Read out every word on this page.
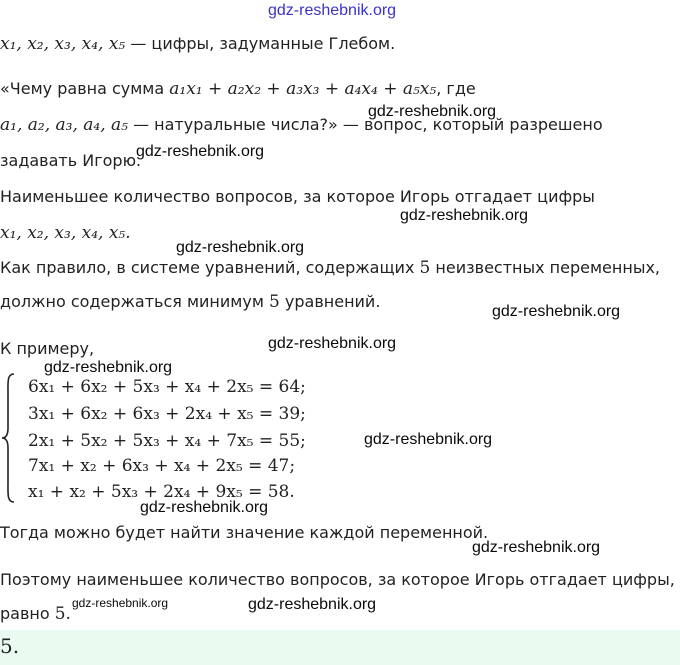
gdz-reshebnik.org
gdz-reshebnik.org
gdz-reshebnik.org
gdz-reshebnik.org
gdz-reshebnik.org
gdz-reshebnik.org
gdz-reshebnik.org
gdz-reshebnik.org
gdz-reshebnik.org
gdz-reshebnik.org
gdz-reshebnik.org
gdz-reshebnik.org	gdz-reshebnik.org
x₁, x₂, x₃, x₄, x₅ — цифры, задуманные Глебом.
«Чему равна сумма a₁x₁ + a₂x₂ + a₃x₃ + a₄x₄ + a₅x₅, где
a₁, a₂, a₃, a₄, a₅ — натуральные числа?» — вопрос, который разрешено
задавать Игорю.
Наименьшее количество вопросов, за которое Игорь отгадает цифры
x₁, x₂, x₃, x₄, x₅.
Как правило, в системе уравнений, содержащих 5 неизвестных переменных,
должно содержаться минимум 5 уравнений.
К примеру,
6x₁ + 6x₂ + 5x₃ + x₄ + 2x₅ = 64;
3x₁ + 6x₂ + 6x₃ + 2x₄ + x₅ = 39;
2x₁ + 5x₂ + 5x₃ + x₄ + 7x₅ = 55;
7x₁ + x₂ + 6x₃ + x₄ + 2x₅ = 47;
x₁ + x₂ + 5x₃ + 2x₄ + 9x₅ = 58.
Тогда можно будет найти значение каждой переменной.
Поэтому наименьшее количество вопросов, за которое Игорь отгадает цифры,
равно 5.
5.
